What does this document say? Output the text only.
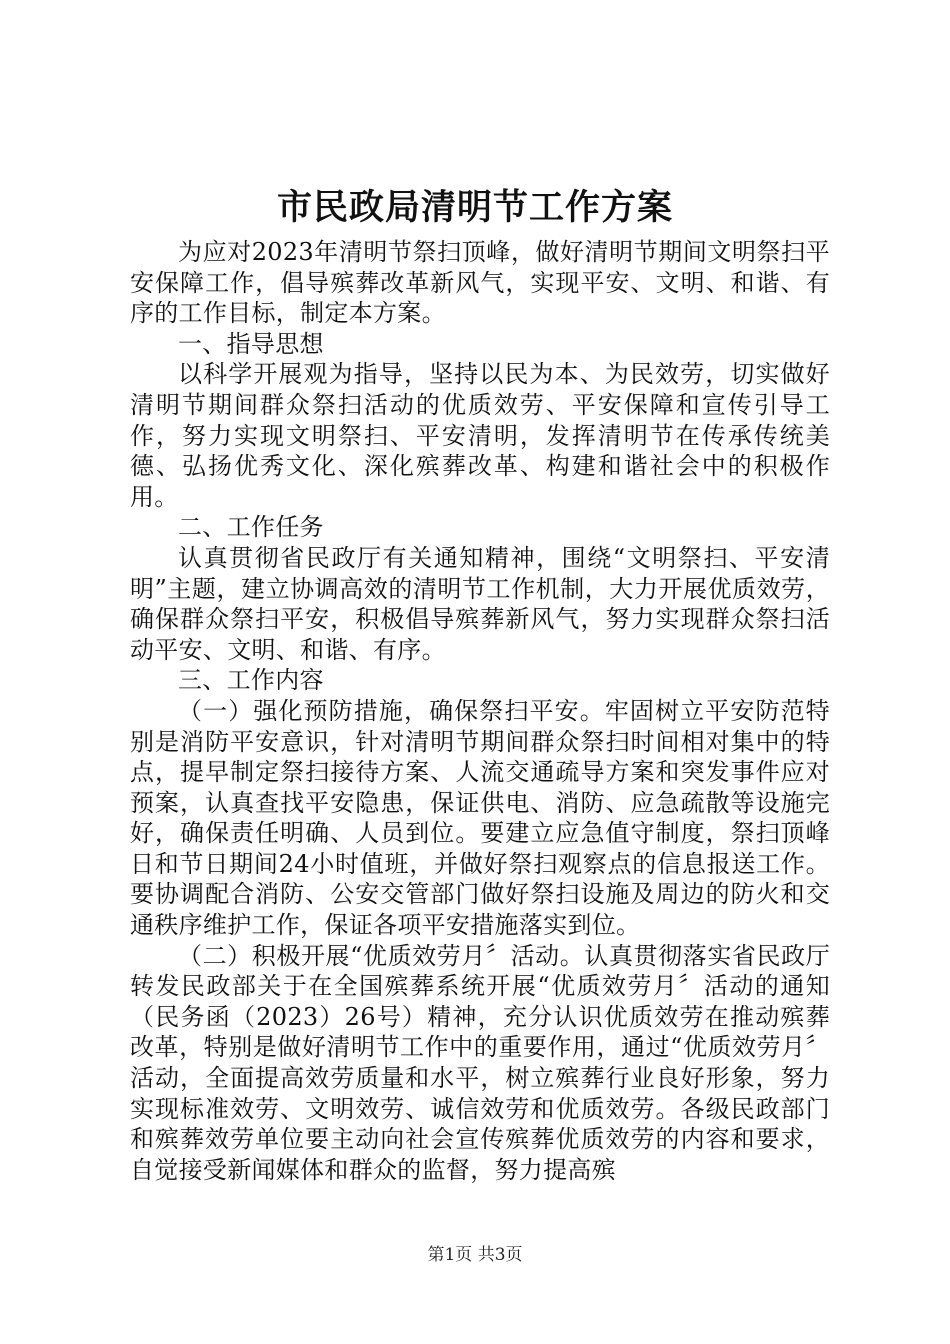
市民政局清明节工作方案

为应对2023年清明节祭扫顶峰，做好清明节期间文明祭扫平安保障工作，倡导殡葬改革新风气，实现平安、文明、和谐、有序的工作目标，制定本方案。

一、指导思想

以科学开展观为指导，坚持以民为本、为民效劳，切实做好清明节期间群众祭扫活动的优质效劳、平安保障和宣传引导工作，努力实现文明祭扫、平安清明，发挥清明节在传承传统美德、弘扬优秀文化、深化殡葬改革、构建和谐社会中的积极作用。

二、工作任务

认真贯彻省民政厅有关通知精神，围绕“文明祭扫、平安清明”主题，建立协调高效的清明节工作机制，大力开展优质效劳，确保群众祭扫平安，积极倡导殡葬新风气，努力实现群众祭扫活动平安、文明、和谐、有序。

三、工作内容

（一）强化预防措施，确保祭扫平安。牢固树立平安防范特别是消防平安意识，针对清明节期间群众祭扫时间相对集中的特点，提早制定祭扫接待方案、人流交通疏导方案和突发事件应对预案，认真查找平安隐患，保证供电、消防、应急疏散等设施完好，确保责任明确、人员到位。要建立应急值守制度，祭扫顶峰日和节日期间24小时值班，并做好祭扫观察点的信息报送工作。要协调配合消防、公安交管部门做好祭扫设施及周边的防火和交通秩序维护工作，保证各项平安措施落实到位。

（二）积极开展“优质效劳月〞活动。认真贯彻落实省民政厅转发民政部关于在全国殡葬系统开展“优质效劳月〞活动的通知（民务函（2023）26号）精神，充分认识优质效劳在推动殡葬改革，特别是做好清明节工作中的重要作用，通过“优质效劳月〞活动，全面提高效劳质量和水平，树立殡葬行业良好形象，努力实现标准效劳、文明效劳、诚信效劳和优质效劳。各级民政部门和殡葬效劳单位要主动向社会宣传殡葬优质效劳的内容和要求，自觉接受新闻媒体和群众的监督，努力提高殡

第1页 共3页
